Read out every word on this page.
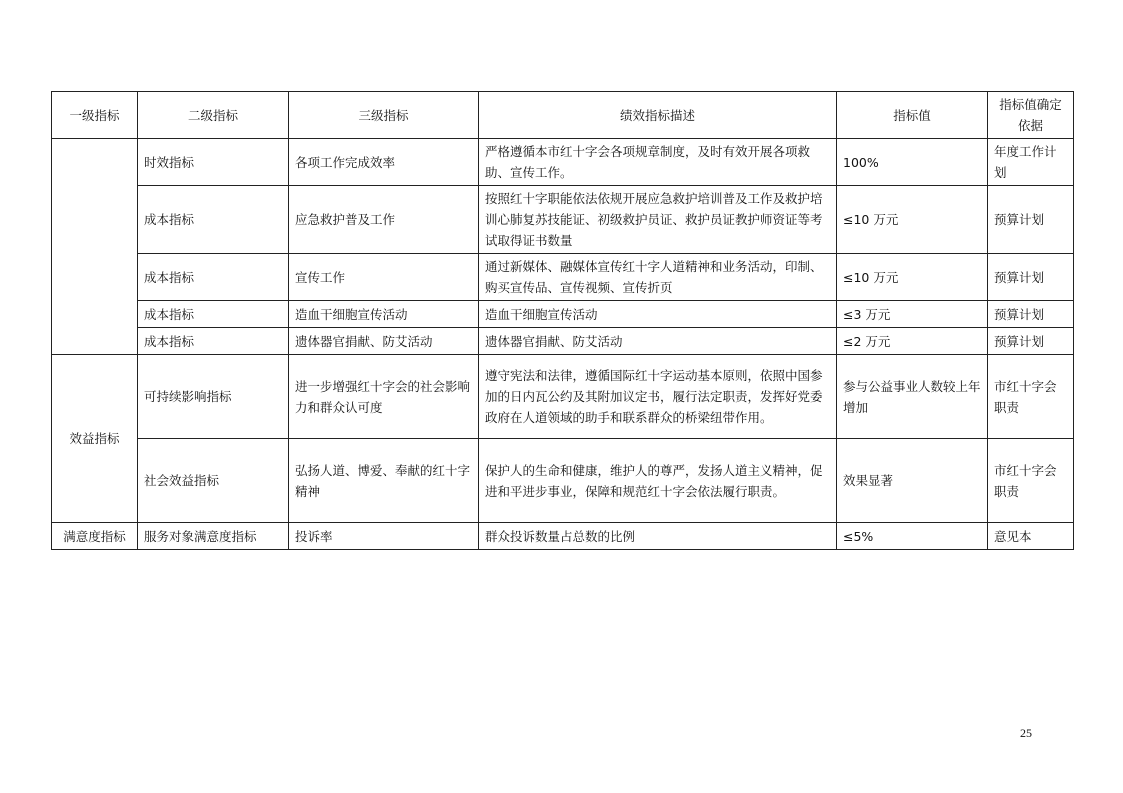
一级指标	二级指标	三级指标	绩效指标描述	指标值	指标值确定依据
	时效指标	各项工作完成效率	严格遵循本市红十字会各项规章制度，及时有效开展各项救助、宣传工作。	100%	年度工作计划
	成本指标	应急救护普及工作	按照红十字职能依法依规开展应急救护培训普及工作及救护培训心肺复苏技能证、初级救护员证、救护员证教护师资证等考试取得证书数量	≤10 万元	预算计划
	成本指标	宣传工作	通过新媒体、融媒体宣传红十字人道精神和业务活动，印制、购买宣传品、宣传视频、宣传折页	≤10 万元	预算计划
	成本指标	造血干细胞宣传活动	造血干细胞宣传活动	≤3 万元	预算计划
	成本指标	遗体器官捐献、防艾活动	遗体器官捐献、防艾活动	≤2 万元	预算计划
效益指标	可持续影响指标	进一步增强红十字会的社会影响力和群众认可度	遵守宪法和法律，遵循国际红十字运动基本原则，依照中国参加的日内瓦公约及其附加议定书，履行法定职责，发挥好党委政府在人道领域的助手和联系群众的桥梁纽带作用。	参与公益事业人数较上年增加	市红十字会职责
	社会效益指标	弘扬人道、博爱、奉献的红十字精神	保护人的生命和健康，维护人的尊严，发扬人道主义精神，促进和平进步事业，保障和规范红十字会依法履行职责。	效果显著	市红十字会职责
满意度指标	服务对象满意度指标	投诉率	群众投诉数量占总数的比例	≤5%	意见本
25
